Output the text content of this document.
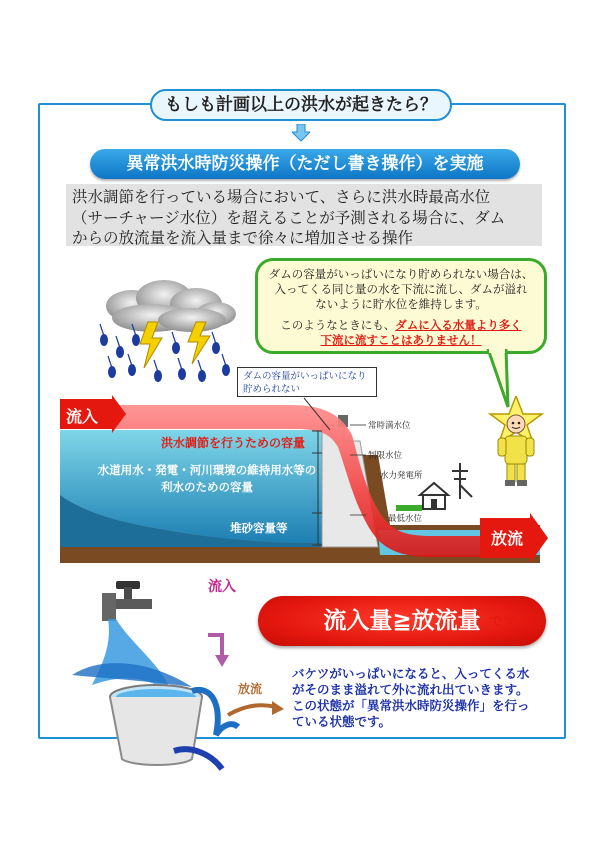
もしも計画以上の洪水が起きたら？
異常洪水時防災操作（ただし書き操作）を実施
洪水調節を行っている場合において、さらに洪水時最高水位
（サーチャージ水位）を超えることが予測される場合に、ダム
からの放流量を流入量まで徐々に増加させる操作
ダムの容量がいっぱいになり貯められない場合は、
入ってくる同じ量の水を下流に流し、ダムが溢れ
ないように貯水位を維持します。
このようなときにも、ダムに入る水量より多く
下流に流すことはありません！
ダムの容量がいっぱいになり
貯められない
流入
放流
洪水調節を行うための容量
水道用水・発電・河川環境の維持用水等の
利水のための容量
堆砂容量等
常時満水位
制限水位
水力発電所
最低水位
流入
放流
流入量≧放流量 です。
バケツがいっぱいになると、入ってくる水
がそのまま溢れて外に流れ出ていきます。
この状態が「異常洪水時防災操作」を行っ
ている状態です。
